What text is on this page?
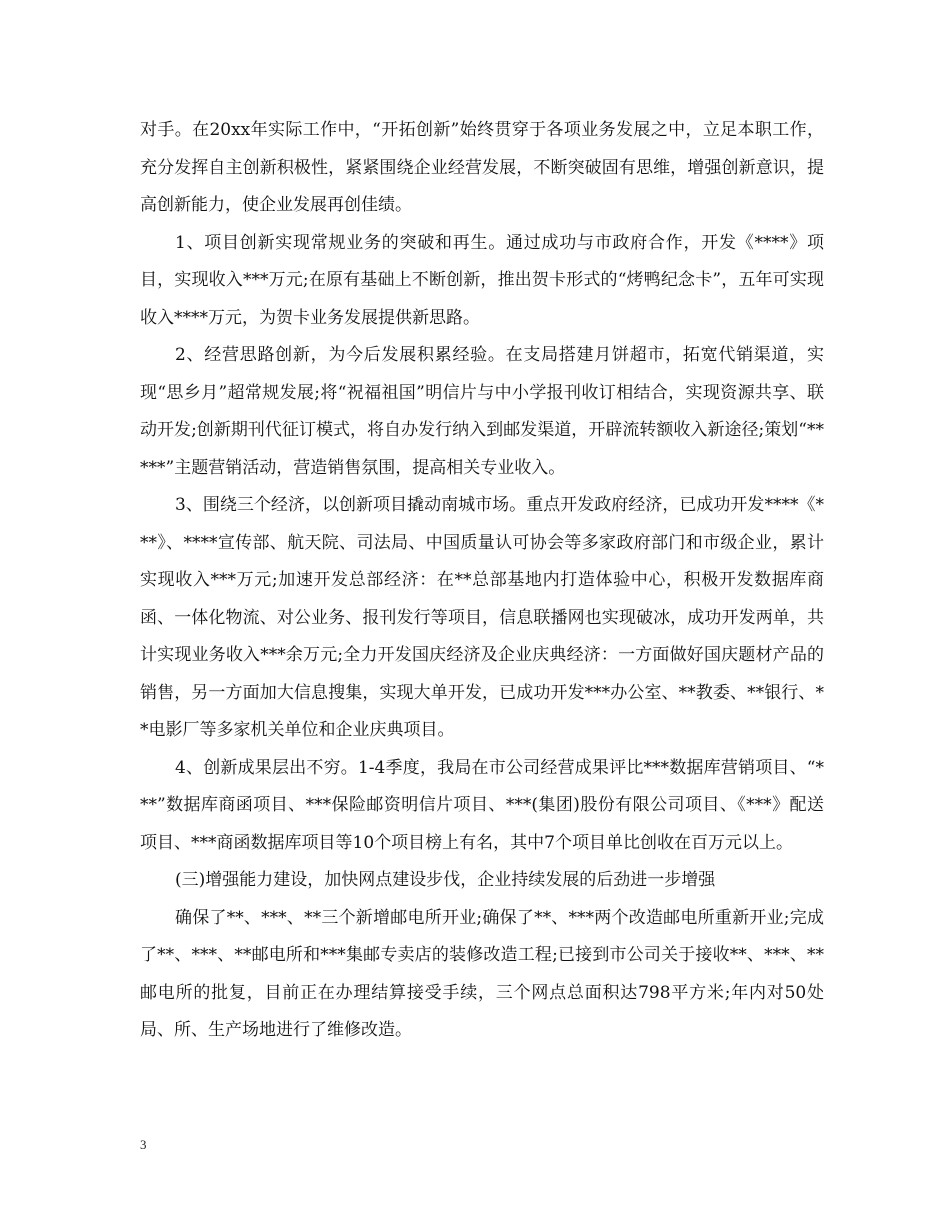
对手。在20xx年实际工作中，“开拓创新”始终贯穿于各项业务发展之中，立足本职工作，充分发挥自主创新积极性，紧紧围绕企业经营发展，不断突破固有思维，增强创新意识，提高创新能力，使企业发展再创佳绩。

1、项目创新实现常规业务的突破和再生。通过成功与市政府合作，开发《****》项目，实现收入***万元;在原有基础上不断创新，推出贺卡形式的“烤鸭纪念卡”，五年可实现收入****万元，为贺卡业务发展提供新思路。

2、经营思路创新，为今后发展积累经验。在支局搭建月饼超市，拓宽代销渠道，实现“思乡月”超常规发展;将“祝福祖国”明信片与中小学报刊收订相结合，实现资源共享、联动开发;创新期刊代征订模式，将自办发行纳入到邮发渠道，开辟流转额收入新途径;策划“*****”主题营销活动，营造销售氛围，提高相关专业收入。

3、围绕三个经济，以创新项目撬动南城市场。重点开发政府经济，已成功开发****《***》、****宣传部、航天院、司法局、中国质量认可协会等多家政府部门和市级企业，累计实现收入***万元;加速开发总部经济：在**总部基地内打造体验中心，积极开发数据库商函、一体化物流、对公业务、报刊发行等项目，信息联播网也实现破冰，成功开发两单，共计实现业务收入***余万元;全力开发国庆经济及企业庆典经济：一方面做好国庆题材产品的销售，另一方面加大信息搜集，实现大单开发，已成功开发***办公室、**教委、**银行、**电影厂等多家机关单位和企业庆典项目。

4、创新成果层出不穷。1-4季度，我局在市公司经营成果评比***数据库营销项目、“***”数据库商函项目、***保险邮资明信片项目、***(集团)股份有限公司项目、《***》配送项目、***商函数据库项目等10个项目榜上有名，其中7个项目单比创收在百万元以上。

(三)增强能力建设，加快网点建设步伐，企业持续发展的后劲进一步增强

确保了**、***、**三个新增邮电所开业;确保了**、***两个改造邮电所重新开业;完成了**、***、**邮电所和***集邮专卖店的装修改造工程;已接到市公司关于接收**、***、**邮电所的批复，目前正在办理结算接受手续，三个网点总面积达798平方米;年内对50处局、所、生产场地进行了维修改造。

3
